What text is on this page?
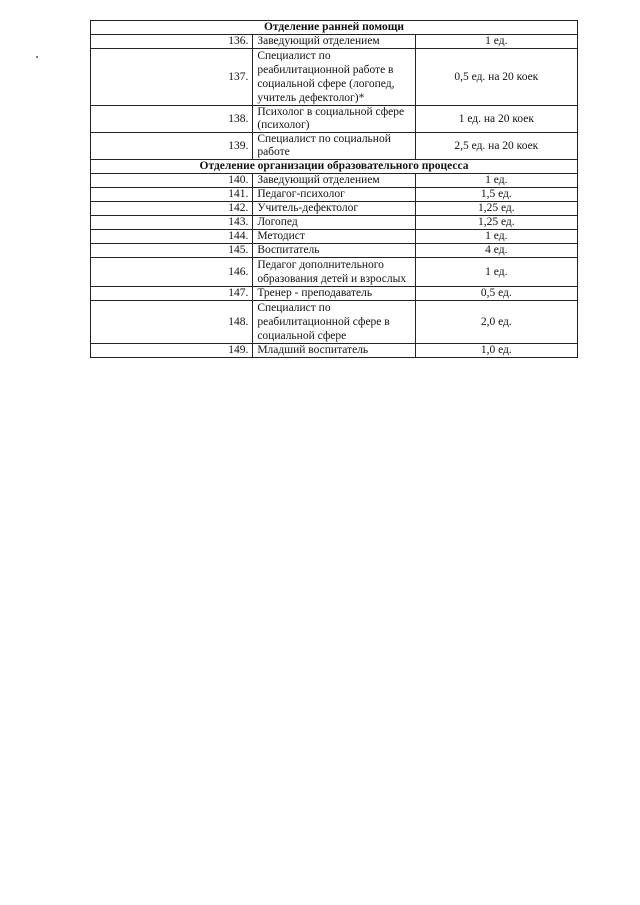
Отделение ранней помощи		
136.	Заведующий отделением	1 ед.
137.	Специалист по реабилитационной работе в социальной сфере (логопед, учитель дефектолог)*	0,5 ед. на 20 коек
138.	Психолог в социальной сфере (психолог)	1 ед. на 20 коек
139.	Специалист по социальной работе	2,5 ед. на 20 коек
Отделение организации образовательного процесса		
140.	Заведующий отделением	1 ед.
141.	Педагог-психолог	1,5 ед.
142.	Учитель-дефектолог	1,25 ед.
143.	Логопед	1,25 ед.
144.	Методист	1 ед.
145.	Воспитатель	4 ед.
146.	Педагог дополнительного образования детей и взрослых	1 ед.
147.	Тренер - преподаватель	0,5 ед.
148.	Специалист по реабилитационной сфере в социальной сфере	2,0 ед.
149.	Младший воспитатель	1,0 ед.
